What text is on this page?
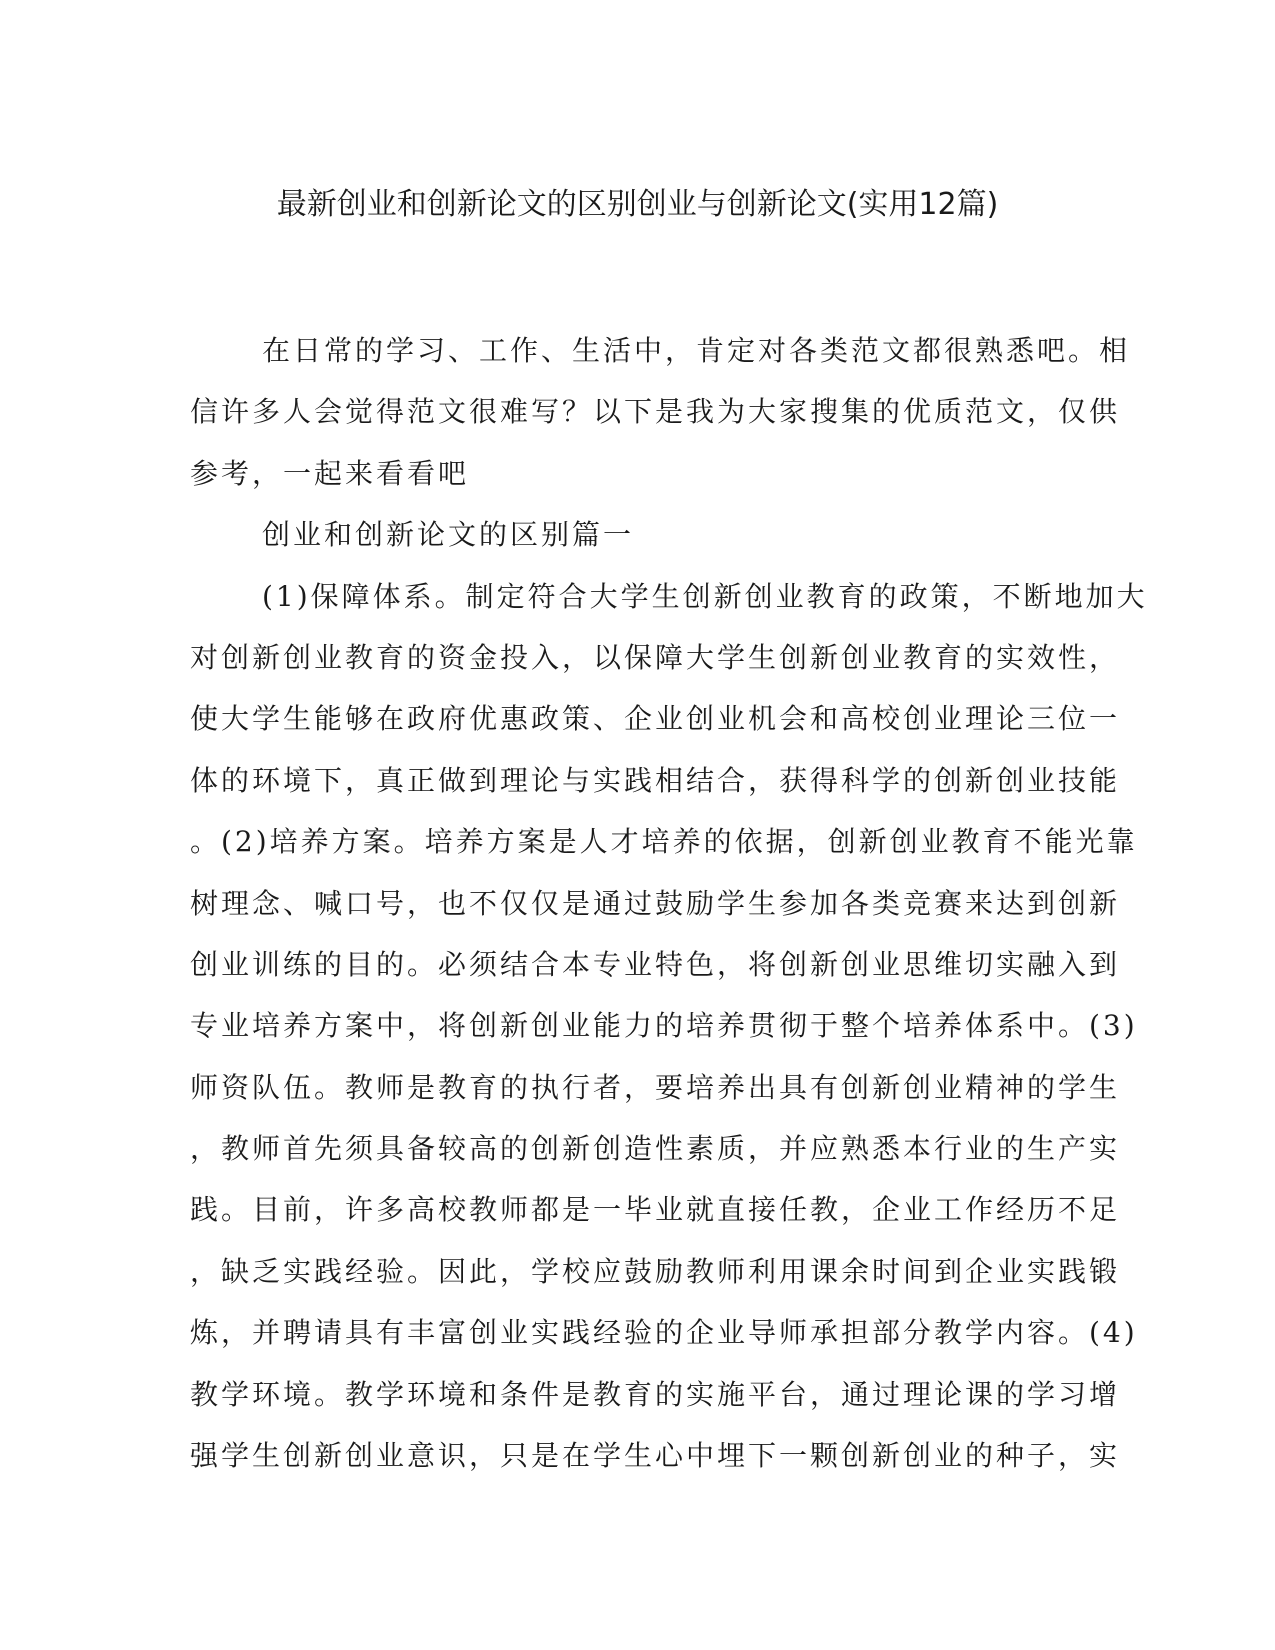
最新创业和创新论文的区别创业与创新论文(实用12篇)
在日常的学习、工作、生活中，肯定对各类范文都很熟悉吧。相
信许多人会觉得范文很难写？以下是我为大家搜集的优质范文，仅供
参考，一起来看看吧
创业和创新论文的区别篇一
(1)保障体系。制定符合大学生创新创业教育的政策，不断地加大
对创新创业教育的资金投入，以保障大学生创新创业教育的实效性，
使大学生能够在政府优惠政策、企业创业机会和高校创业理论三位一
体的环境下，真正做到理论与实践相结合，获得科学的创新创业技能
。(2)培养方案。培养方案是人才培养的依据，创新创业教育不能光靠
树理念、喊口号，也不仅仅是通过鼓励学生参加各类竞赛来达到创新
创业训练的目的。必须结合本专业特色，将创新创业思维切实融入到
专业培养方案中，将创新创业能力的培养贯彻于整个培养体系中。(3)
师资队伍。教师是教育的执行者，要培养出具有创新创业精神的学生
，教师首先须具备较高的创新创造性素质，并应熟悉本行业的生产实
践。目前，许多高校教师都是一毕业就直接任教，企业工作经历不足
，缺乏实践经验。因此，学校应鼓励教师利用课余时间到企业实践锻
炼，并聘请具有丰富创业实践经验的企业导师承担部分教学内容。(4)
教学环境。教学环境和条件是教育的实施平台，通过理论课的学习增
强学生创新创业意识，只是在学生心中埋下一颗创新创业的种子，实
